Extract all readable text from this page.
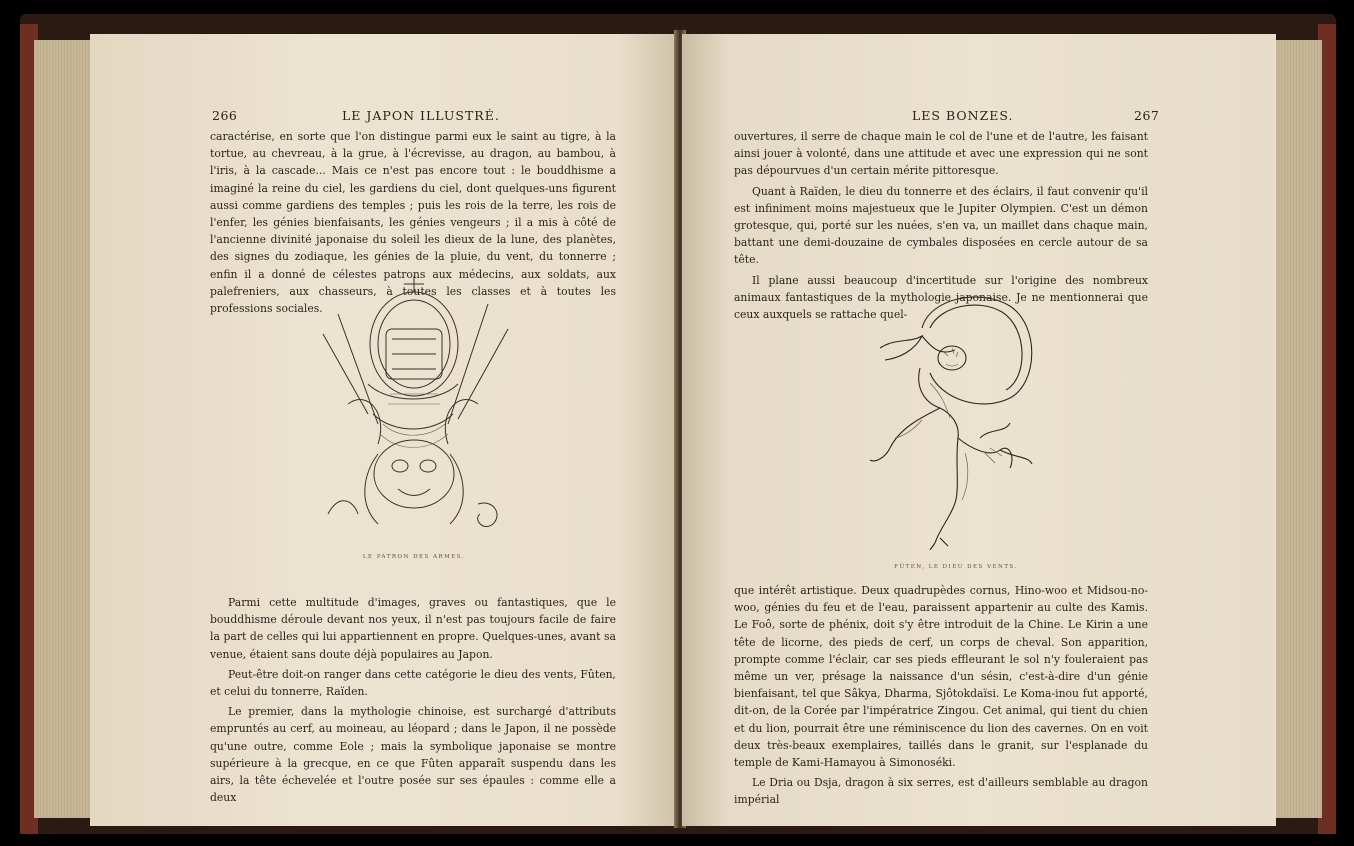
266	LE JAPON ILLUSTRÉ.

caractérise, en sorte que l'on distingue parmi eux le saint au tigre, à la tortue, au chevreau, à la grue, à l'écrevisse, au dragon, au bambou, à l'iris, à la cascade... Mais ce n'est pas encore tout : le bouddhisme a imaginé la reine du ciel, les gardiens du ciel, dont quelques-uns figurent aussi comme gardiens des temples ; puis les rois de la terre, les rois de l'enfer, les génies bienfaisants, les génies vengeurs ; il a mis à côté de l'ancienne divinité japonaise du soleil les dieux de la lune, des planètes, des signes du zodiaque, les génies de la pluie, du vent, du tonnerre ; enfin il a donné de célestes patrons aux médecins, aux soldats, aux palefreniers, aux chasseurs, à toutes les classes et à toutes les professions sociales.

LE PATRON DES ARMES.

Parmi cette multitude d'images, graves ou fantastiques, que le bouddhisme déroule devant nos yeux, il n'est pas toujours facile de faire la part de celles qui lui appartiennent en propre. Quelques-unes, avant sa venue, étaient sans doute déjà populaires au Japon.

Peut-être doit-on ranger dans cette catégorie le dieu des vents, Fûten, et celui du tonnerre, Raïden.

Le premier, dans la mythologie chinoise, est surchargé d'attributs empruntés au cerf, au moineau, au léopard ; dans le Japon, il ne possède qu'une outre, comme Eole ; mais la symbolique japonaise se montre supérieure à la grecque, en ce que Fûten apparaît suspendu dans les airs, la tête échevelée et l'outre posée sur ses épaules : comme elle a deux

LES BONZES.	267

ouvertures, il serre de chaque main le col de l'une et de l'autre, les faisant ainsi jouer à volonté, dans une attitude et avec une expression qui ne sont pas dépourvues d'un certain mérite pittoresque.

Quant à Raïden, le dieu du tonnerre et des éclairs, il faut convenir qu'il est infiniment moins majestueux que le Jupiter Olympien. C'est un démon grotesque, qui, porté sur les nuées, s'en va, un maillet dans chaque main, battant une demi-douzaine de cymbales disposées en cercle autour de sa tête.

Il plane aussi beaucoup d'incertitude sur l'origine des nombreux animaux fantastiques de la mythologie japonaise. Je ne mentionnerai que ceux auxquels se rattache quel-

FÛTEN, LE DIEU DES VENTS.

que intérêt artistique. Deux quadrupèdes cornus, Hino-woo et Midsou-no-woo, génies du feu et de l'eau, paraissent appartenir au culte des Kamis. Le Foô, sorte de phénix, doit s'y être introduit de la Chine. Le Kirin a une tête de licorne, des pieds de cerf, un corps de cheval. Son apparition, prompte comme l'éclair, car ses pieds effleurant le sol n'y fouleraient pas même un ver, présage la naissance d'un sésin, c'est-à-dire d'un génie bienfaisant, tel que Sâkya, Dharma, Sjôtokdaïsi. Le Koma-inou fut apporté, dit-on, de la Corée par l'impératrice Zingou. Cet animal, qui tient du chien et du lion, pourrait être une réminiscence du lion des cavernes. On en voit deux très-beaux exemplaires, taillés dans le granit, sur l'esplanade du temple de Kami-Hamayou à Simonoséki.

Le Dria ou Dsja, dragon à six serres, est d'ailleurs semblable au dragon impérial
